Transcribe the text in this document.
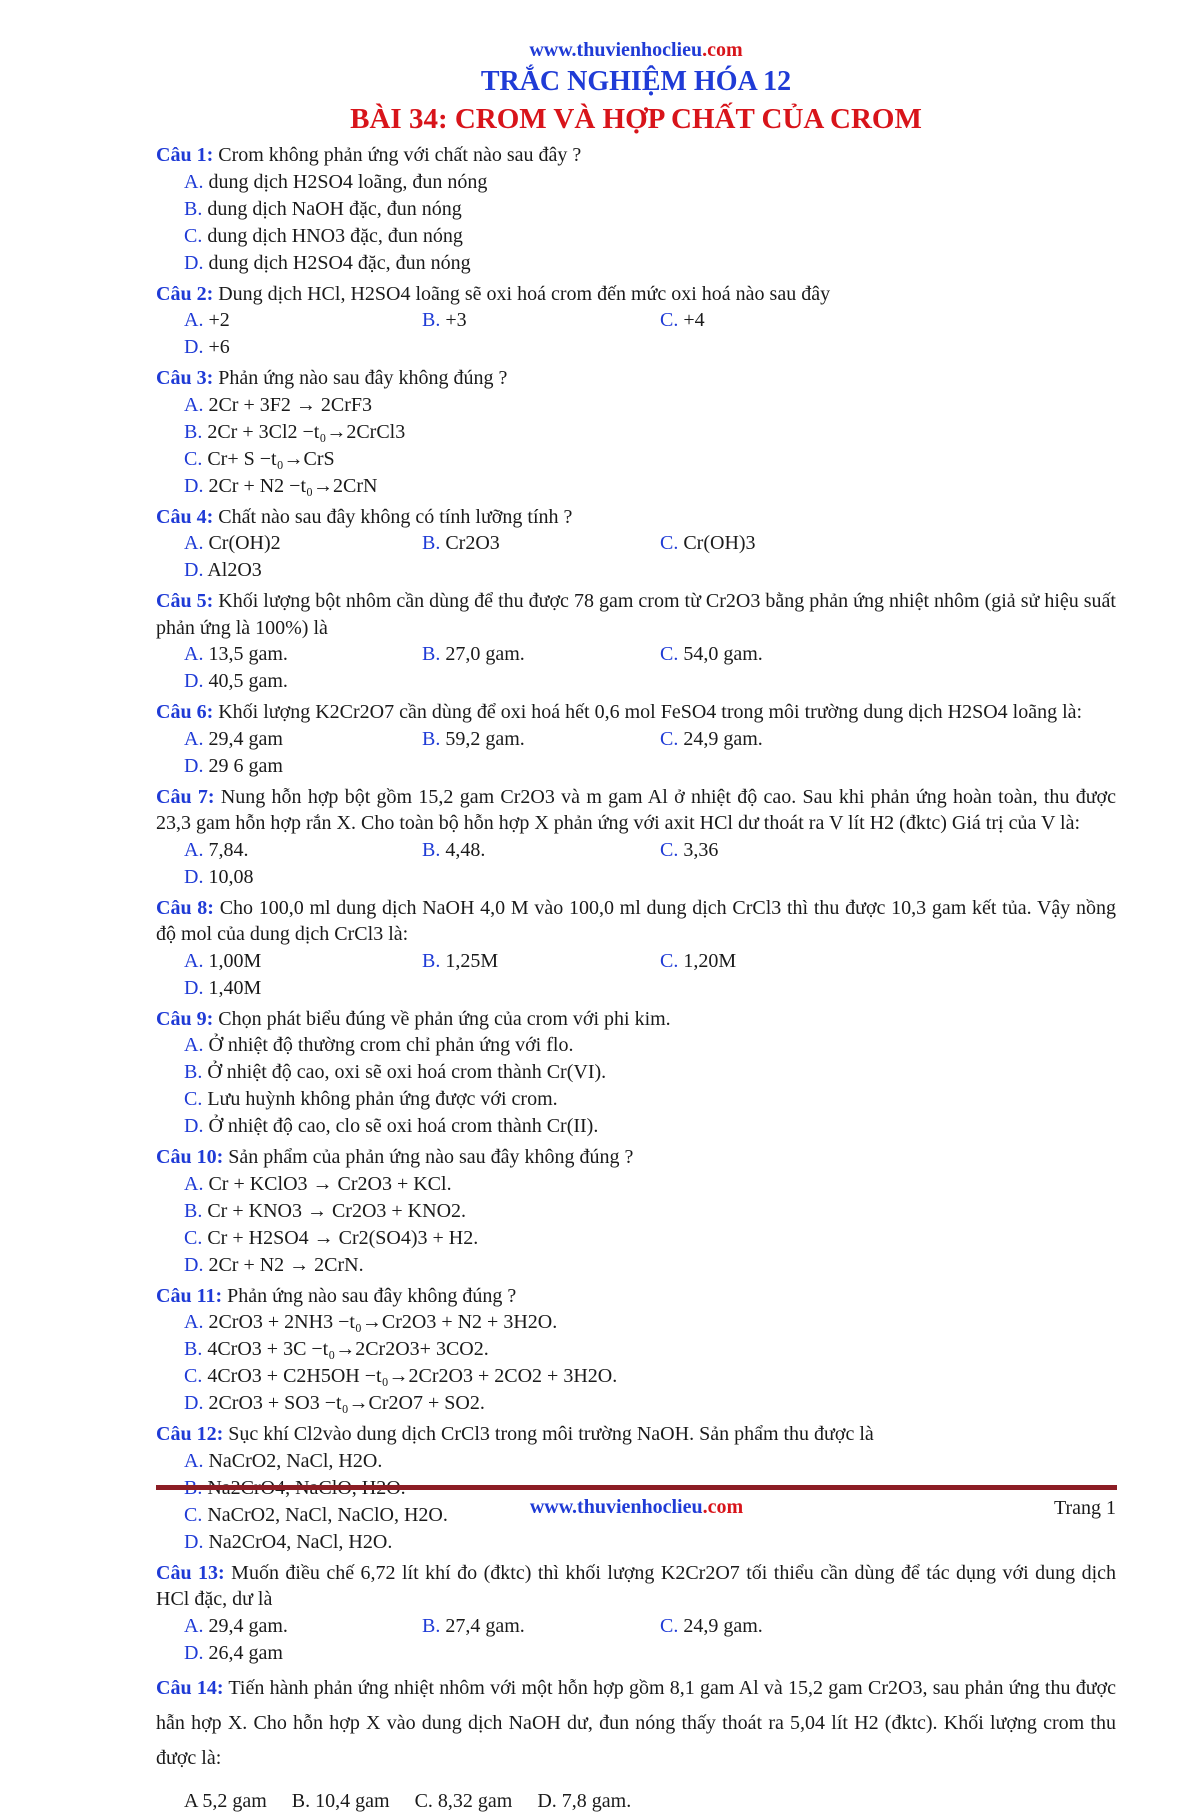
www.thuvienhoclieu.com
TRẮC NGHIỆM HÓA 12
BÀI 34: CROM VÀ HỢP CHẤT CỦA CROM
Câu 1: Crom không phản ứng với chất nào sau đây ?
A. dung dịch H2SO4 loãng, đun nóng
B. dung dịch NaOH đặc, đun nóng
C. dung dịch HNO3 đặc, đun nóng
D. dung dịch H2SO4 đặc, đun nóng
Câu 2: Dung dịch HCl, H2SO4 loãng sẽ oxi hoá crom đến mức oxi hoá nào sau đây
A. +2	B. +3	C. +4
D. +6
Câu 3: Phản ứng nào sau đây không đúng ?
A. 2Cr + 3F2 → 2CrF3
B. 2Cr + 3Cl2 −t₀→2CrCl3
C. Cr+ S −t₀→CrS
D. 2Cr + N2 −t₀→2CrN
Câu 4: Chất nào sau đây không có tính lưỡng tính ?
A. Cr(OH)2	B. Cr2O3	C. Cr(OH)3
D. Al2O3
Câu 5: Khối lượng bột nhôm cần dùng để thu được 78 gam crom từ Cr2O3 bằng phản ứng nhiệt nhôm (giả sử hiệu suất phản ứng là 100%) là
A. 13,5 gam.	B. 27,0 gam.	C. 54,0 gam.
D. 40,5 gam.
Câu 6: Khối lượng K2Cr2O7 cần dùng để oxi hoá hết 0,6 mol FeSO4 trong môi trường dung dịch H2SO4 loãng là:
A. 29,4 gam	B. 59,2 gam.	C. 24,9 gam.
D. 29 6 gam
Câu 7: Nung hỗn hợp bột gồm 15,2 gam Cr2O3 và m gam Al ở nhiệt độ cao. Sau khi phản ứng hoàn toàn, thu được 23,3 gam hỗn hợp rắn X. Cho toàn bộ hỗn hợp X phản ứng với axit HCl dư thoát ra V lít H2 (đktc) Giá trị của V là:
A. 7,84.	B. 4,48.	C. 3,36
D. 10,08
Câu 8: Cho 100,0 ml dung dịch NaOH 4,0 M vào 100,0 ml dung dịch CrCl3 thì thu được 10,3 gam kết tủa. Vậy nồng độ mol của dung dịch CrCl3 là:
A. 1,00M	B. 1,25M	C. 1,20M
D. 1,40M
Câu 9: Chọn phát biểu đúng về phản ứng của crom với phi kim.
A. Ở nhiệt độ thường crom chỉ phản ứng với flo.
B. Ở nhiệt độ cao, oxi sẽ oxi hoá crom thành Cr(VI).
C. Lưu huỳnh không phản ứng được với crom.
D. Ở nhiệt độ cao, clo sẽ oxi hoá crom thành Cr(II).
Câu 10: Sản phẩm của phản ứng nào sau đây không đúng ?
A. Cr + KClO3 → Cr2O3 + KCl.
B. Cr + KNO3 → Cr2O3 + KNO2.
C. Cr + H2SO4 → Cr2(SO4)3 + H2.
D. 2Cr + N2 → 2CrN.
Câu 11: Phản ứng nào sau đây không đúng ?
A. 2CrO3 + 2NH3 −t₀→Cr2O3 + N2 + 3H2O.
B. 4CrO3 + 3C −t₀→2Cr2O3+ 3CO2.
C. 4CrO3 + C2H5OH −t₀→2Cr2O3 + 2CO2 + 3H2O.
D. 2CrO3 + SO3 −t₀→Cr2O7 + SO2.
Câu 12: Sục khí Cl2vào dung dịch CrCl3 trong môi trường NaOH. Sản phẩm thu được là
A. NaCrO2, NaCl, H2O.
C. NaCrO2, NaCl, NaClO, H2O.
D. Na2CrO4, NaCl, H2O.
Câu 13: Muốn điều chế 6,72 lít khí đo (đktc) thì khối lượng K2Cr2O7 tối thiểu cần dùng để tác dụng với dung dịch HCl đặc, dư là
A. 29,4 gam.	B. 27,4 gam.	C. 24,9 gam.
D. 26,4 gam
Câu 14: Tiến hành phản ứng nhiệt nhôm với một hỗn hợp gồm 8,1 gam Al và 15,2 gam Cr2O3, sau phản ứng thu được hẫn hợp X. Cho hỗn hợp X vào dung dịch NaOH dư, đun nóng thấy thoát ra 5,04 lít H2 (đktc). Khối lượng crom thu được là:
A 5,2 gam B. 10,4 gam C. 8,32 gam D. 7,8 gam.
www.thuvienhoclieu.com	Trang 1
